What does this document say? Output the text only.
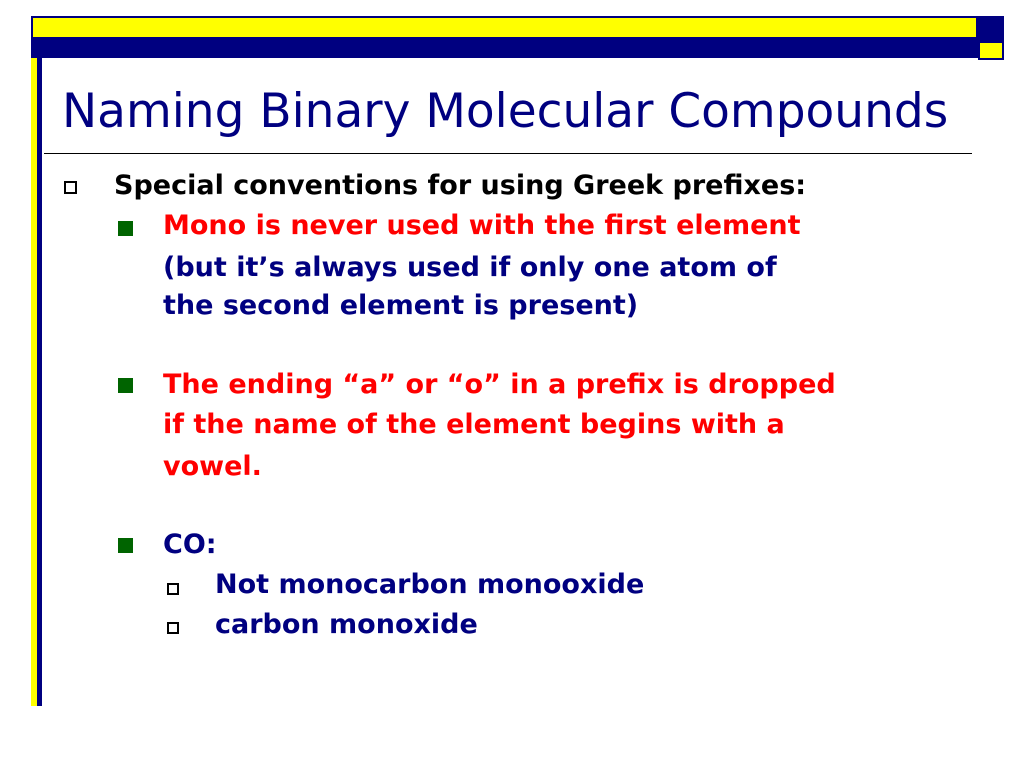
Naming Binary Molecular Compounds

Special conventions for using Greek prefixes:

Mono is never used with the first element

(but it’s always used if only one atom of

the second element is present)

The ending “a” or “o” in a prefix is dropped

if the name of the element begins with a

vowel.

CO:

Not monocarbon monooxide

carbon monoxide
